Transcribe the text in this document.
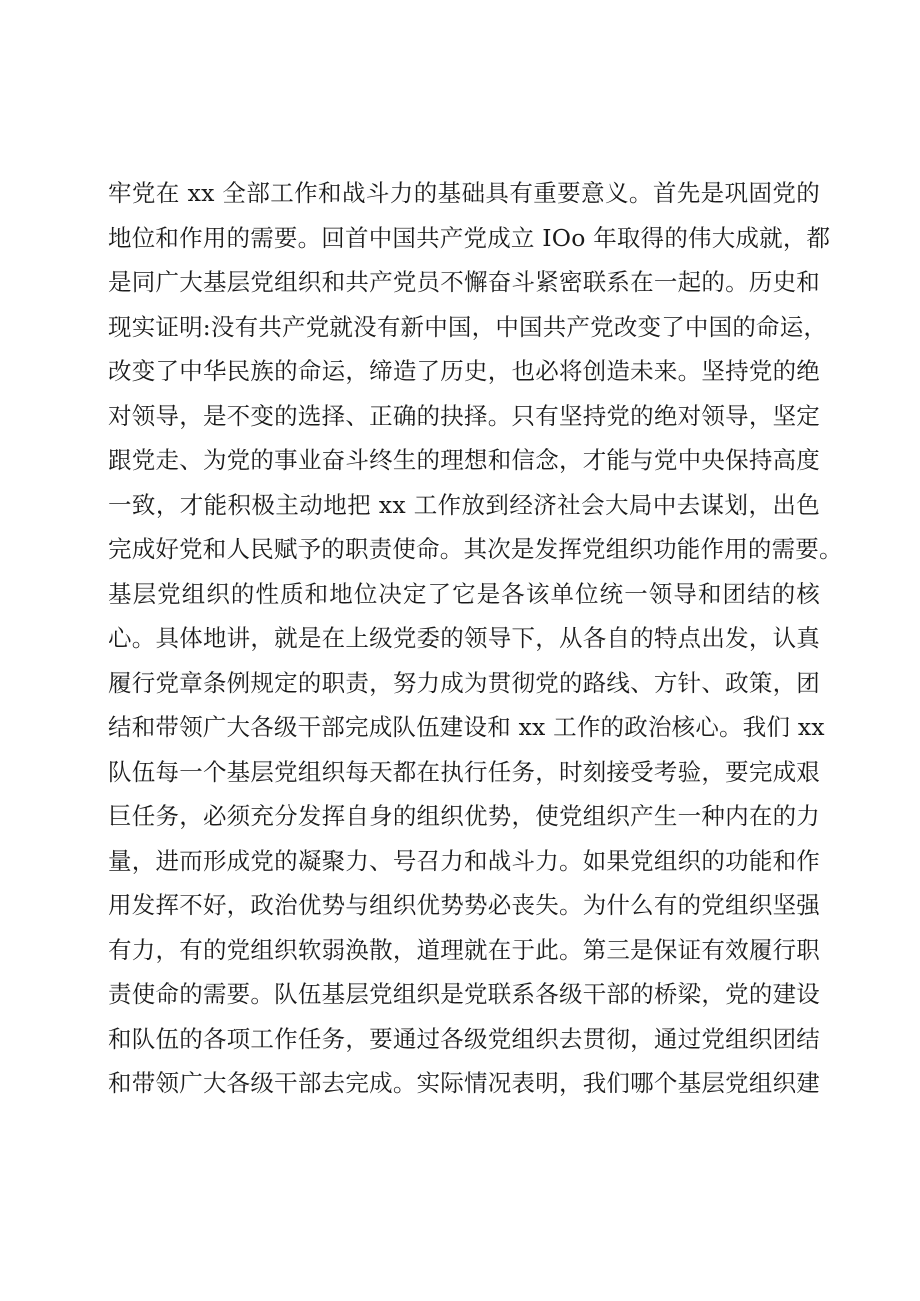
牢党在 xx 全部工作和战斗力的基础具有重要意义。首先是巩固党的
地位和作用的需要。回首中国共产党成立 IOo 年取得的伟大成就，都
是同广大基层党组织和共产党员不懈奋斗紧密联系在一起的。历史和
现实证明:没有共产党就没有新中国，中国共产党改变了中国的命运，
改变了中华民族的命运，缔造了历史，也必将创造未来。坚持党的绝
对领导，是不变的选择、正确的抉择。只有坚持党的绝对领导，坚定
跟党走、为党的事业奋斗终生的理想和信念，才能与党中央保持高度
一致，才能积极主动地把 xx 工作放到经济社会大局中去谋划，出色
完成好党和人民赋予的职责使命。其次是发挥党组织功能作用的需要。
基层党组织的性质和地位决定了它是各该单位统一领导和团结的核
心。具体地讲，就是在上级党委的领导下，从各自的特点出发，认真
履行党章条例规定的职责，努力成为贯彻党的路线、方针、政策，团
结和带领广大各级干部完成队伍建设和 xx 工作的政治核心。我们 xx
队伍每一个基层党组织每天都在执行任务，时刻接受考验，要完成艰
巨任务，必须充分发挥自身的组织优势，使党组织产生一种内在的力
量，进而形成党的凝聚力、号召力和战斗力。如果党组织的功能和作
用发挥不好，政治优势与组织优势势必丧失。为什么有的党组织坚强
有力，有的党组织软弱涣散，道理就在于此。第三是保证有效履行职
责使命的需要。队伍基层党组织是党联系各级干部的桥梁，党的建设
和队伍的各项工作任务，要通过各级党组织去贯彻，通过党组织团结
和带领广大各级干部去完成。实际情况表明，我们哪个基层党组织建
